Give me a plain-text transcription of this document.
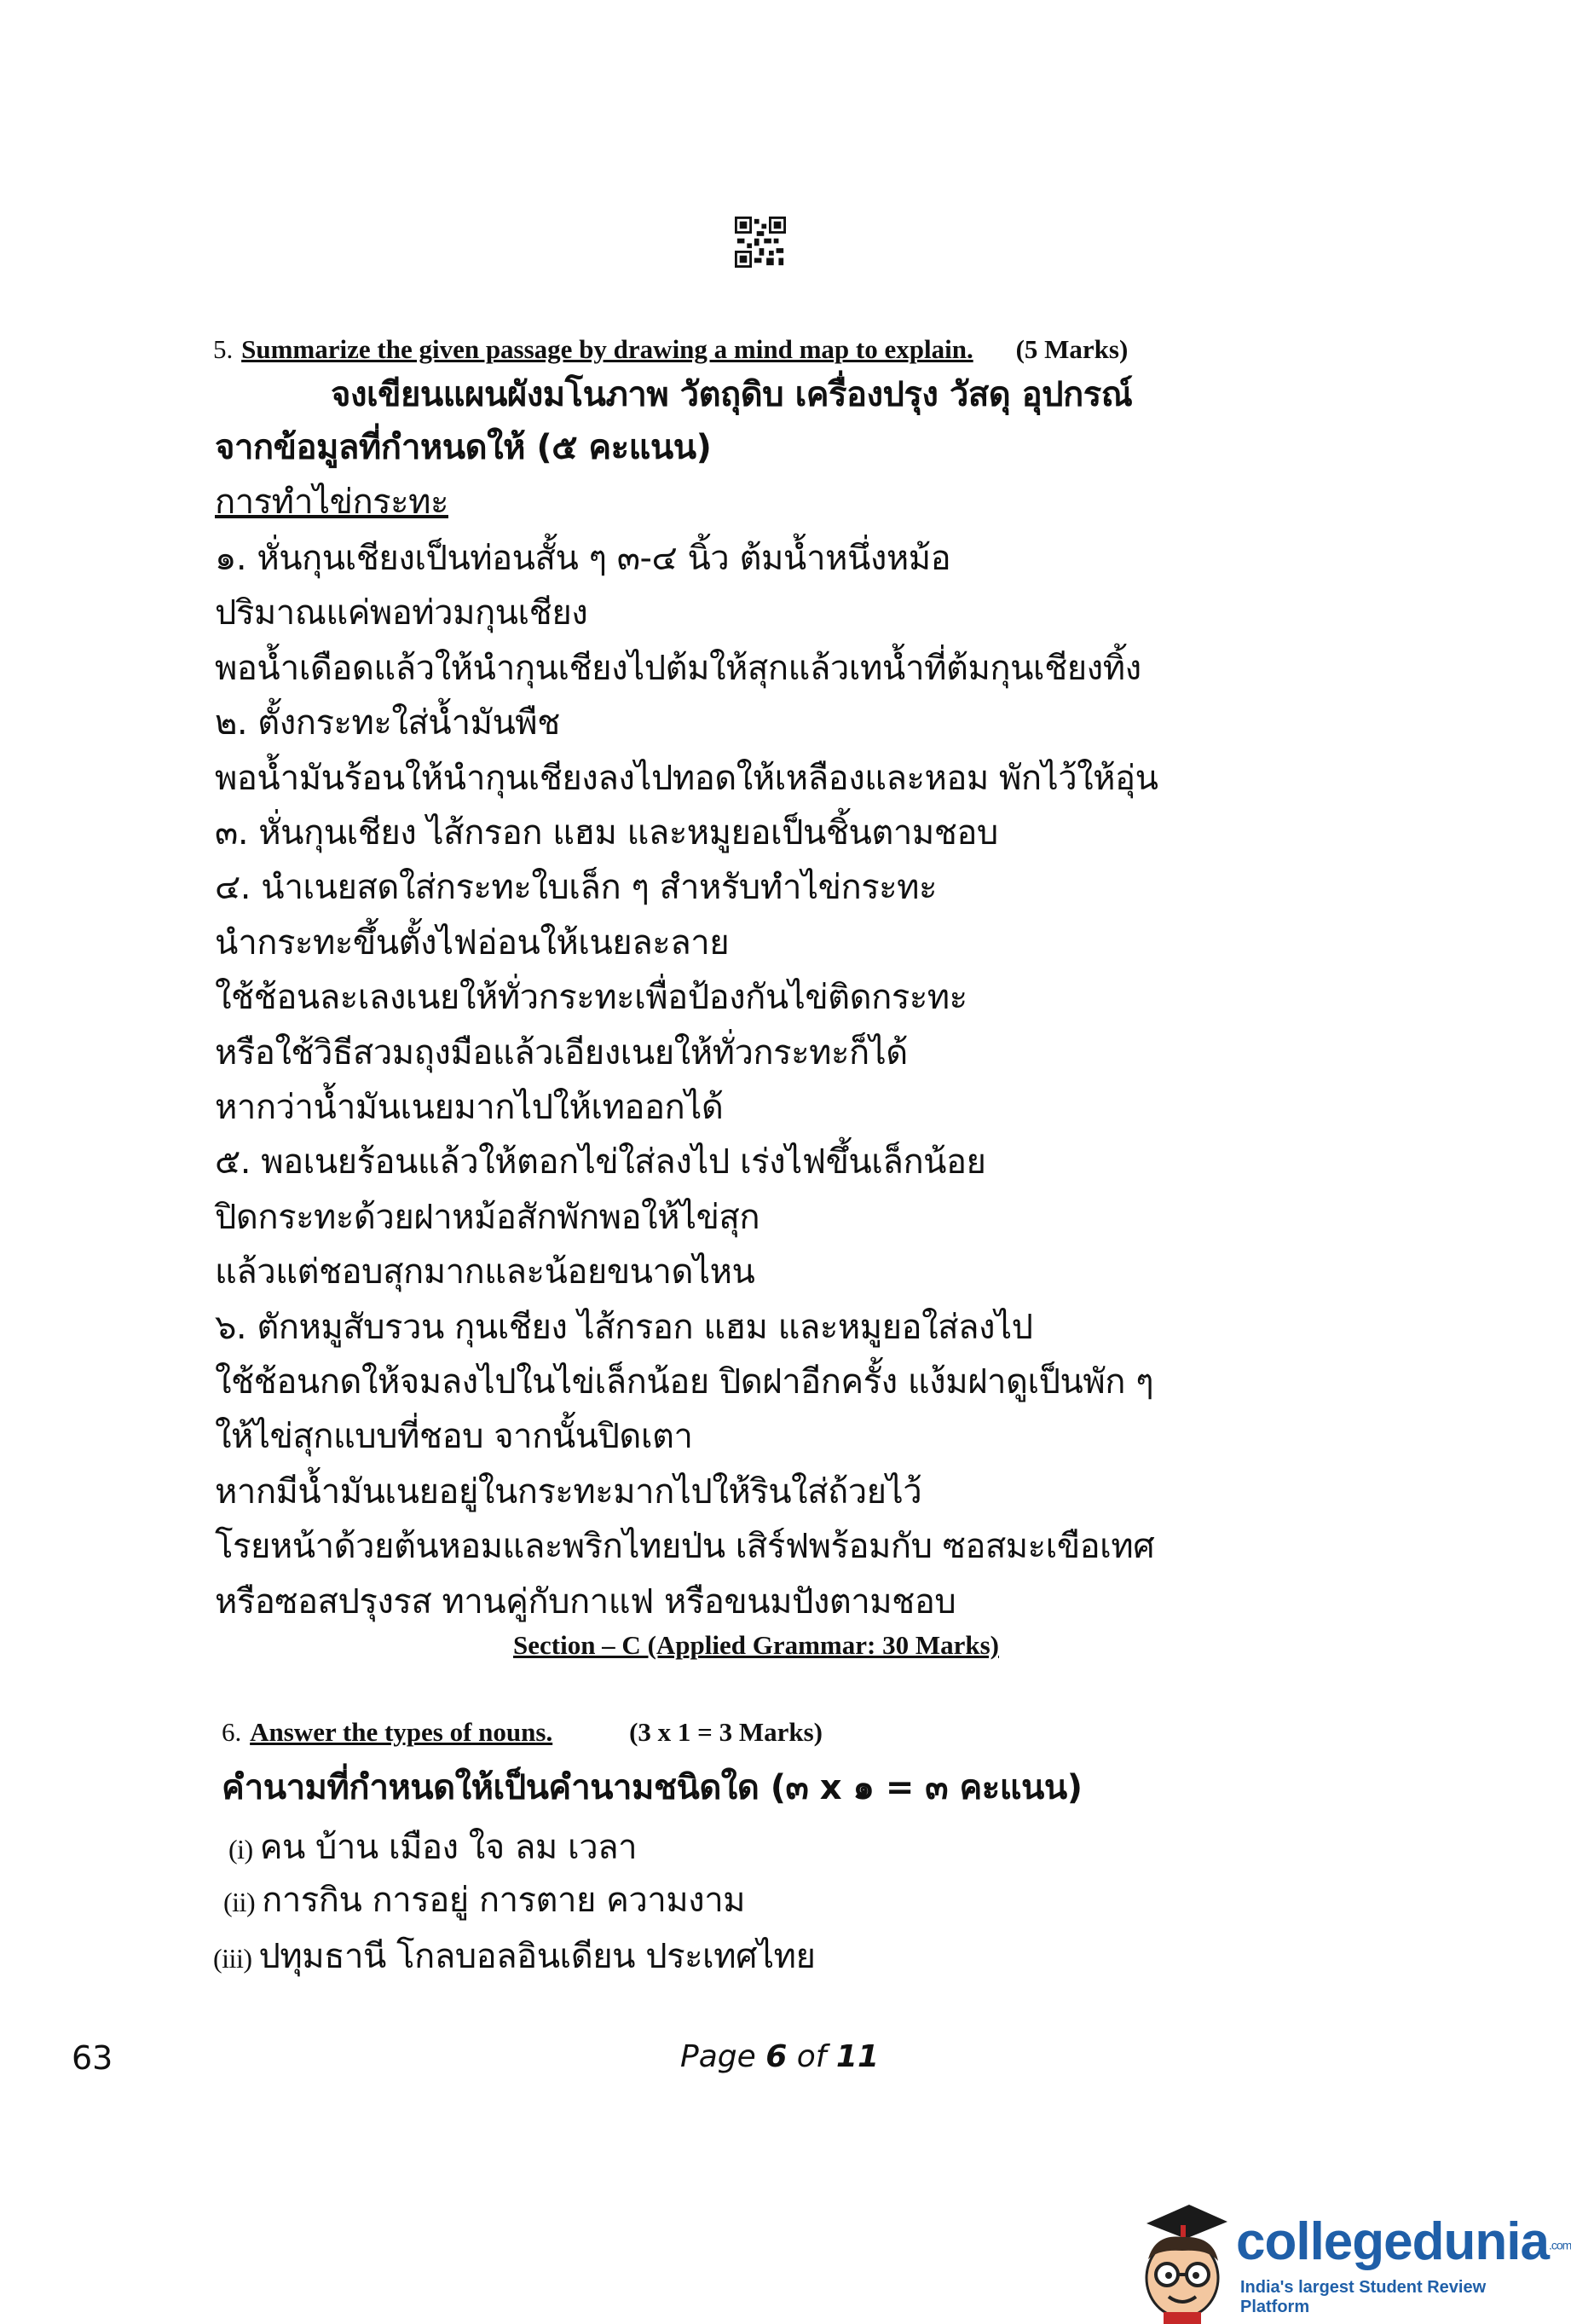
5. Summarize the given passage by drawing a mind map to explain. (5 Marks)
จงเขียนแผนผังมโนภาพ วัตถุดิบ เครื่องปรุง วัสดุ อุปกรณ์
จากข้อมูลที่กำหนดให้ (๕ คะแนน)
การทำไข่กระทะ
๑. หั่นกุนเชียงเป็นท่อนสั้น ๆ ๓-๔ นิ้ว ต้มน้ำหนึ่งหม้อ
ปริมาณแค่พอท่วมกุนเชียง
พอน้ำเดือดแล้วให้นำกุนเชียงไปต้มให้สุกแล้วเทน้ำที่ต้มกุนเชียงทิ้ง
๒. ตั้งกระทะใส่น้ำมันพืช
พอน้ำมันร้อนให้นำกุนเชียงลงไปทอดให้เหลืองและหอม พักไว้ให้อุ่น
๓. หั่นกุนเชียง ไส้กรอก แฮม และหมูยอเป็นชิ้นตามชอบ
๔. นำเนยสดใส่กระทะใบเล็ก ๆ สำหรับทำไข่กระทะ
นำกระทะขึ้นตั้งไฟอ่อนให้เนยละลาย
ใช้ช้อนละเลงเนยให้ทั่วกระทะเพื่อป้องกันไข่ติดกระทะ
หรือใช้วิธีสวมถุงมือแล้วเอียงเนยให้ทั่วกระทะก็ได้
หากว่าน้ำมันเนยมากไปให้เทออกได้
๕. พอเนยร้อนแล้วให้ตอกไข่ใส่ลงไป เร่งไฟขึ้นเล็กน้อย
ปิดกระทะด้วยฝาหม้อสักพักพอให้ไข่สุก
แล้วแต่ชอบสุกมากและน้อยขนาดไหน
๖. ตักหมูสับรวน กุนเชียง ไส้กรอก แฮม และหมูยอใส่ลงไป
ใช้ช้อนกดให้จมลงไปในไข่เล็กน้อย ปิดฝาอีกครั้ง แง้มฝาดูเป็นพัก ๆ
ให้ไข่สุกแบบที่ชอบ จากนั้นปิดเตา
หากมีน้ำมันเนยอยู่ในกระทะมากไปให้รินใส่ถ้วยไว้
โรยหน้าด้วยต้นหอมและพริกไทยป่น เสิร์ฟพร้อมกับ ซอสมะเขือเทศ
หรือซอสปรุงรส ทานคู่กับกาแฟ หรือขนมปังตามชอบ
Section – C (Applied Grammar: 30 Marks)
6. Answer the types of nouns.	(3 x 1 = 3 Marks)
คำนามที่กำหนดให้เป็นคำนามชนิดใด (๓ x ๑ = ๓ คะแนน)
(i) คน บ้าน เมือง ใจ ลม เวลา
(ii) การกิน การอยู่ การตาย ความงาม
(iii) ปทุมธานี โกลบอลอินเดียน ประเทศไทย
63	Page 6 of 11
collegedunia.com
India's largest Student Review Platform
